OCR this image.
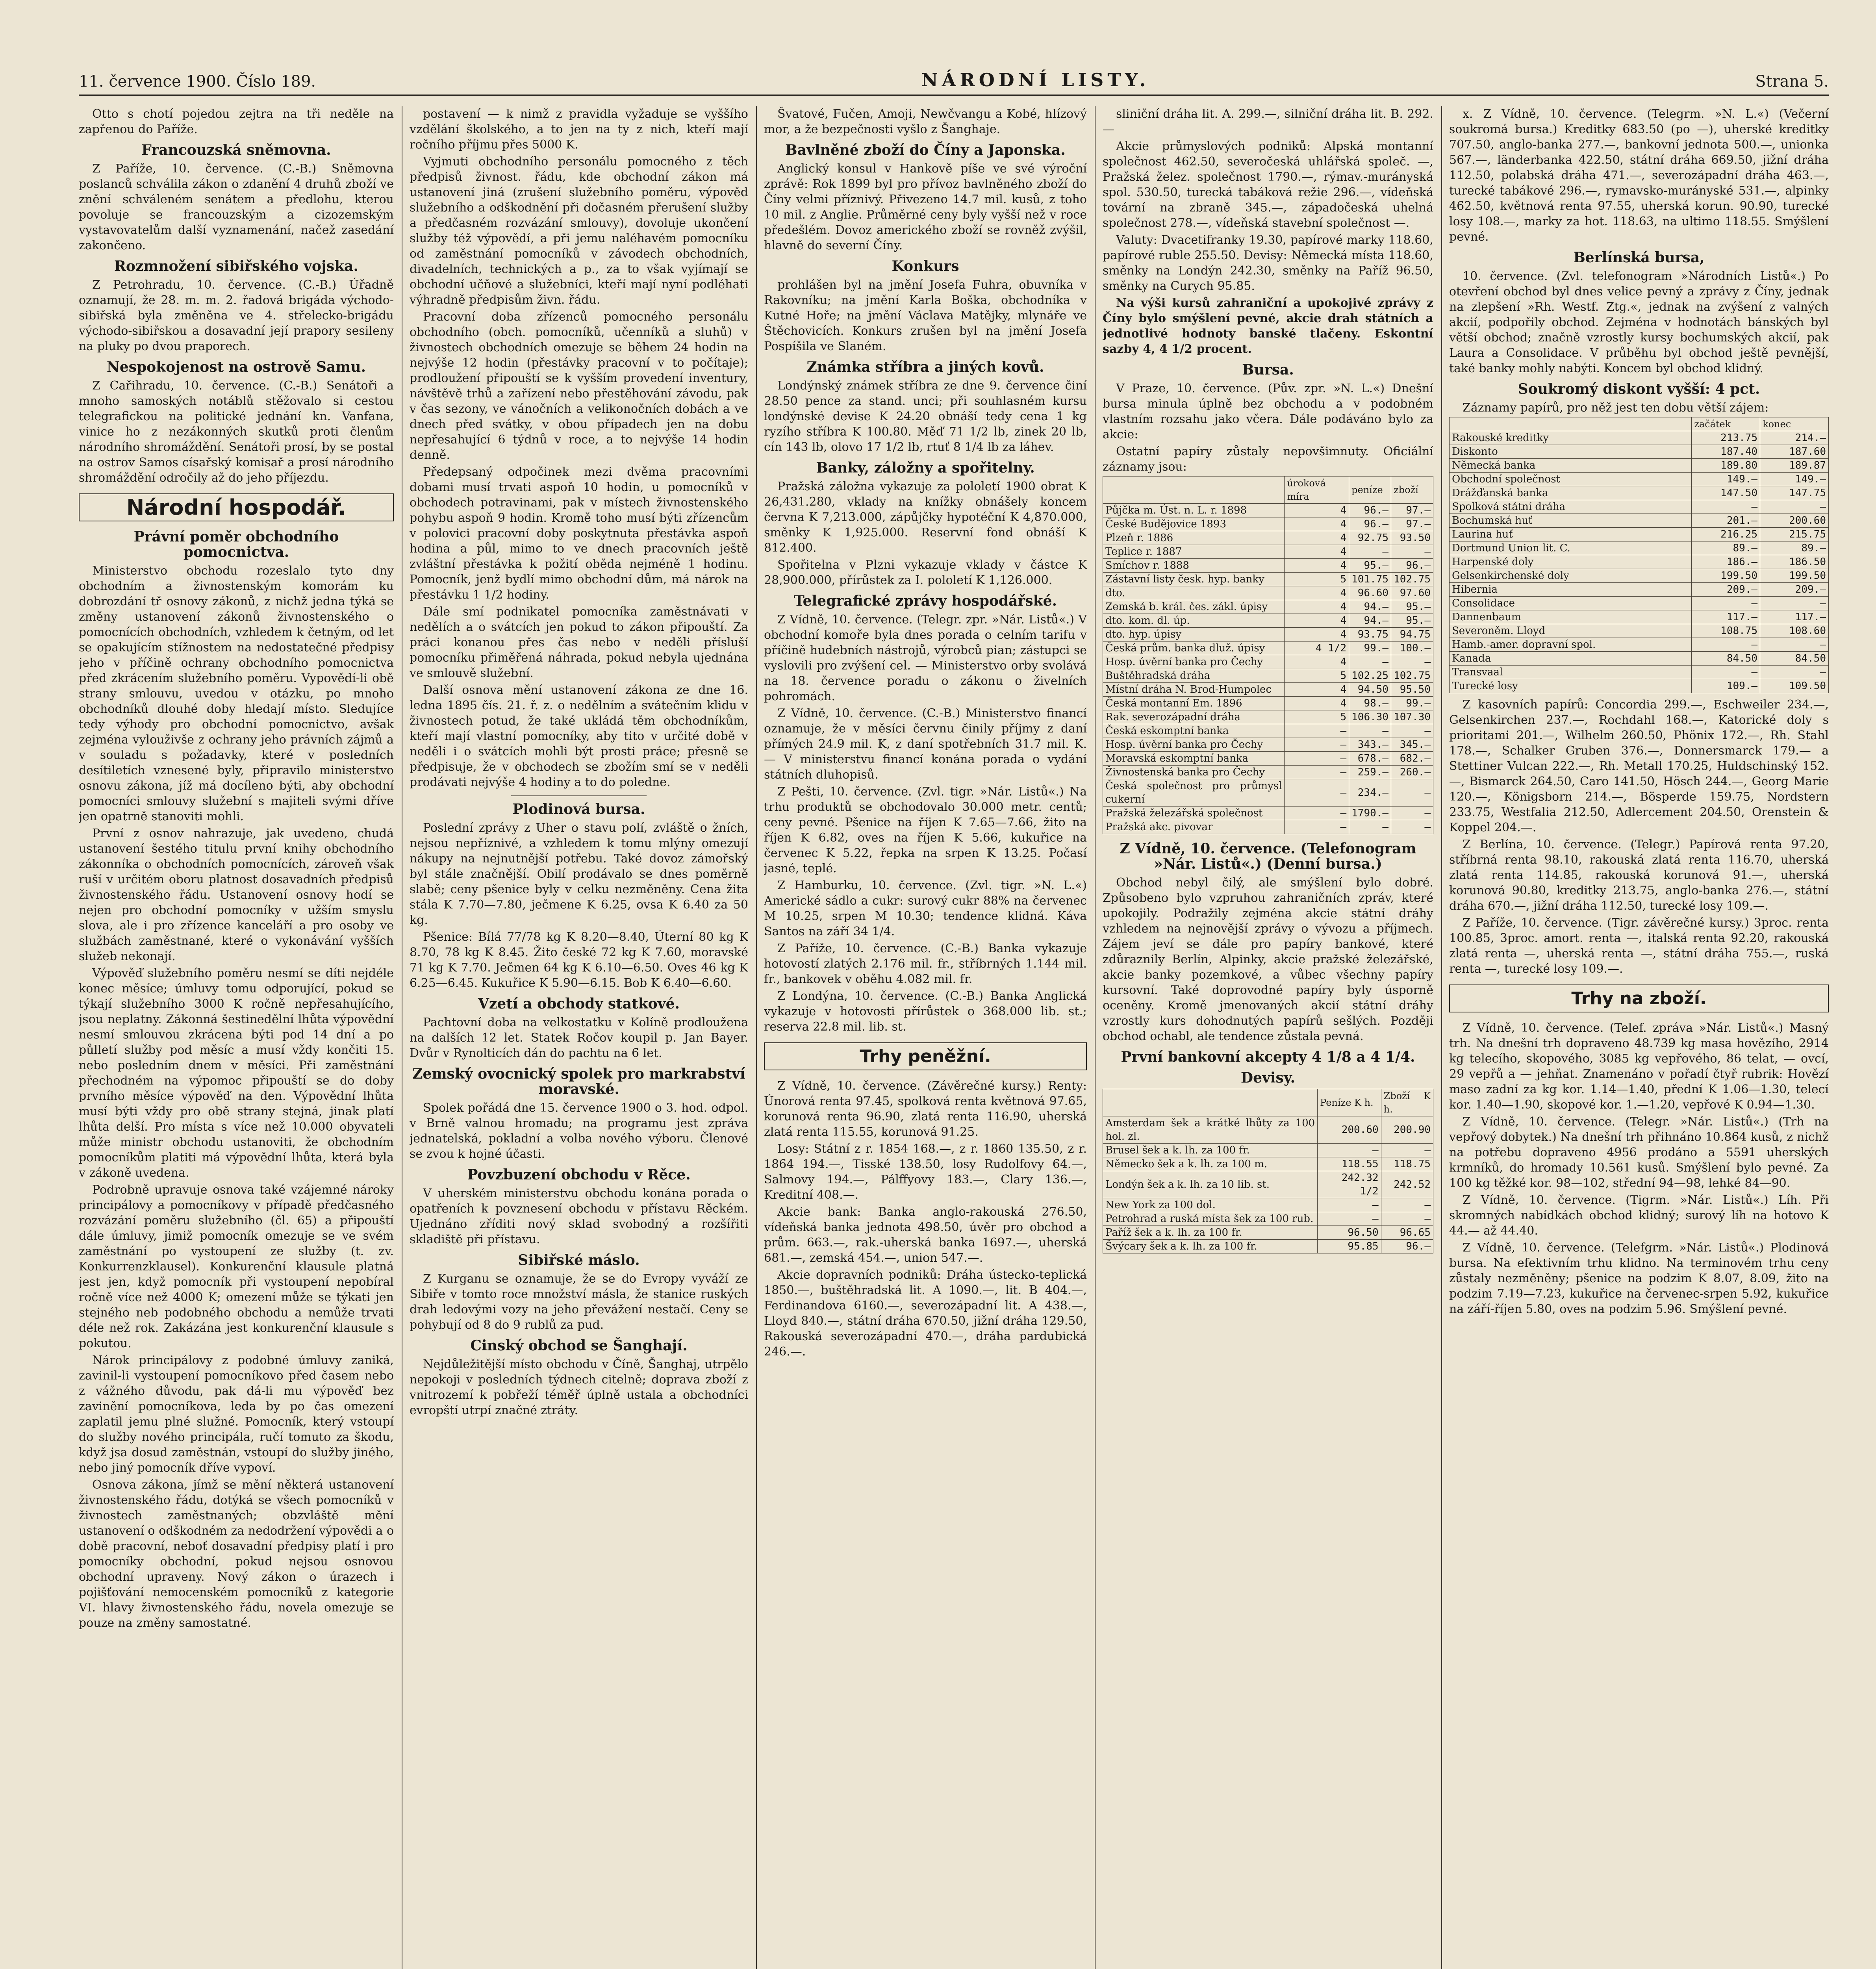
11. července 1900. Číslo 189.	NÁRODNÍ LISTY.	Strana 5.

Otto s chotí pojedou zejtra na tři neděle na zapřenou do Paříže.

Francouzská sněmovna.

Z Paříže, 10. července. (C.-B.) Sněmovna poslanců schválila zákon o zdanění 4 druhů zboží ve znění schváleném senátem a předlohu, kterou povoluje se francouzským a cizozemským vystavovatelům další vyznamenání, načež zasedání zakončeno.

Rozmnožení sibiřského vojska.

Z Petrohradu, 10. července. (C.-B.) Úřadně oznamují, že 28. m. m. 2. řadová brigáda východo-sibiřská byla změněna ve 4. střelecko-brigádu východo-sibiřskou a dosavadní její prapory sesileny na pluky po dvou praporech.

Nespokojenost na ostrově Samu.

Z Cařihradu, 10. července. (C.-B.) Senátoři a mnoho samoských notáblů stěžovalo si cestou telegrafickou na politické jednání kn. Vanfana, vinice ho z nezákonných skutků proti členům národního shromáždění. Senátoři prosí, by se postal na ostrov Samos císařský komisař a prosí národního shromáždění odročily až do jeho příjezdu.

Národní hospodář.
Právní poměr obchodního pomocnictva.

Ministerstvo obchodu rozeslalo tyto dny obchodním a živnostenským komorám ku dobrozdání tř osnovy zákonů, z nichž jedna týká se změny ustanovení zákonů živnostenského o pomocnících obchodních, vzhledem k četným, od let se opakujícím stížnostem na nedostatečné předpisy jeho v příčině ochrany obchodního pomocnictva před zkrácením služebního poměru. Vypovědí-li obě strany smlouvu, uvedou v otázku, po mnoho obchodníků dlouhé doby hledají místo. Sledujíce tedy výhody pro obchodní pomocnictvo, avšak zejména vylouživše z ochrany jeho právních zájmů a v souladu s požadavky, které v posledních desítiletích vznesené byly, připravilo ministerstvo osnovu zákona, jíž má docíleno býti, aby obchodní pomocníci smlouvy služební s majiteli svými dříve jen opatrně stanoviti mohli.

První z osnov nahrazuje, jak uvedeno, chudá ustanovení šestého titulu první knihy obchodního zákonníka o obchodních pomocnících, zároveň však ruší v určitém oboru platnost dosavadních předpisů živnostenského řádu. Ustanovení osnovy hodí se nejen pro obchodní pomocníky v užším smyslu slova, ale i pro zřízence kanceláří a pro osoby ve službách zaměstnané, které o vykonávání vyšších služeb nekonají.

Výpověď služebního poměru nesmí se díti nejdéle konec měsíce; úmluvy tomu odporující, pokud se týkají služebního 3000 K ročně nepřesahujícího, jsou neplatny. Zákonná šestinedělní lhůta výpovědní nesmí smlouvou zkrácena býti pod 14 dní a po půlletí služby pod měsíc a musí vždy končiti 15. nebo posledním dnem v měsíci. Při zaměstnání přechodném na výpomoc připouští se do doby prvního měsíce výpověď na den. Výpovědní lhůta musí býti vždy pro obě strany stejná, jinak platí lhůta delší. Pro místa s více než 10.000 obyvateli může ministr obchodu ustanoviti, že obchodním pomocníkům platiti má výpovědní lhůta, která byla v zákoně uvedena.

Podrobně upravuje osnova také vzájemné nároky principálovy a pomocníkovy v případě předčasného rozvázání poměru služebního (čl. 65) a připouští dále úmluvy, jimiž pomocník omezuje se ve svém zaměstnání po vystoupení ze služby (t. zv. Konkurrenzklausel). Konkurenční klausule platná jest jen, když pomocník při vystoupení nepobíral ročně více než 4000 K; omezení může se týkati jen stejného neb podobného obchodu a nemůže trvati déle než rok. Zakázána jest konkurenční klausule s pokutou.

Nárok principálovy z podobné úmluvy zaniká, zavinil-li vystoupení pomocníkovo před časem nebo z vážného důvodu, pak dá-li mu výpověď bez zavinění pomocníkova, leda by po čas omezení zaplatil jemu plné služné. Pomocník, který vstoupí do služby nového principála, ručí tomuto za škodu, když jsa dosud zaměstnán, vstoupí do služby jiného, nebo jiný pomocník dříve vypoví.

Osnova zákona, jímž se mění některá ustanovení živnostenského řádu, dotýká se všech pomocníků v živnostech zaměstnaných; obzvláště mění ustanovení o odškodném za nedodržení výpovědi a o době pracovní, neboť dosavadní předpisy platí i pro pomocníky obchodní, pokud nejsou osnovou obchodní upraveny. Nový zákon o úrazech i pojišťování nemocenském pomocníků z kategorie VI. hlavy živnostenského řádu, novela omezuje se pouze na změny samostatné.

postavení — k nimž z pravidla vyžaduje se vyššího vzdělání školského, a to jen na ty z nich, kteří mají ročního příjmu přes 5000 K.

Vyjmuti obchodního personálu pomocného z těch předpisů živnost. řádu, kde obchodní zákon má ustanovení jiná (zrušení služebního poměru, výpověď služebního a odškodnění při dočasném přerušení služby a předčasném rozvázání smlouvy), dovoluje ukončení služby též výpovědí, a při jemu naléhavém pomocníku od zaměstnání pomocníků v závodech obchodních, divadelních, technických a p., za to však vyjímají se obchodní učňové a služebníci, kteří mají nyní podléhati výhradně předpisům živn. řádu.

Pracovní doba zřízenců pomocného personálu obchodního (obch. pomocníků, učenníků a sluhů) v živnostech obchodních omezuje se během 24 hodin na nejvýše 12 hodin (přestávky pracovní v to počítaje); prodloužení připouští se k vyšším provedení inventury, návštěvě trhů a zařízení nebo přestěhování závodu, pak v čas sezony, ve vánočních a velikonočních dobách a ve dnech před svátky, v obou případech jen na dobu nepřesahující 6 týdnů v roce, a to nejvýše 14 hodin denně.

Předepsaný odpočinek mezi dvěma pracovními dobami musí trvati aspoň 10 hodin, u pomocníků v obchodech potravinami, pak v místech živnostenského pohybu aspoň 9 hodin. Kromě toho musí býti zřízencům v polovici pracovní doby poskytnuta přestávka aspoň hodina a půl, mimo to ve dnech pracovních ještě zvláštní přestávka k požití oběda nejméně 1 hodinu. Pomocník, jenž bydlí mimo obchodní dům, má nárok na přestávku 1 1/2 hodiny.

Dále smí podnikatel pomocníka zaměstnávati v nedělích a o svátcích jen pokud to zákon připouští. Za práci konanou přes čas nebo v neděli přísluší pomocníku přiměřená náhrada, pokud nebyla ujednána ve smlouvě služební.

Další osnova mění ustanovení zákona ze dne 16. ledna 1895 čís. 21. ř. z. o nedělním a svátečním klidu v živnostech potud, že také ukládá těm obchodníkům, kteří mají vlastní pomocníky, aby tito v určité době v neděli i o svátcích mohli být prosti práce; přesně se předpisuje, že v obchodech se zbožím smí se v neděli prodávati nejvýše 4 hodiny a to do poledne.

Plodinová bursa.

Poslední zprávy z Uher o stavu polí, zvláště o žních, nejsou nepříznivé, a vzhledem k tomu mlýny omezují nákupy na nejnutnější potřebu. Také dovoz zámořský byl stále značnější. Obilí prodávalo se dnes poměrně slabě; ceny pšenice byly v celku nezměněny. Cena žita stála K 7.70—7.80, ječmene K 6.25, ovsa K 6.40 za 50 kg.

Pšenice: Bílá 77/78 kg K 8.20—8.40, Úterní 80 kg K 8.70, 78 kg K 8.45. Žito české 72 kg K 7.60, moravské 71 kg K 7.70. Ječmen 64 kg K 6.10—6.50. Oves 46 kg K 6.25—6.45. Kukuřice K 5.90—6.15. Bob K 6.40—6.60.

Vzetí a obchody statkové.

Pachtovní doba na velkostatku v Kolíně prodloužena na dalších 12 let. Statek Ročov koupil p. Jan Bayer. Dvůr v Rynolticích dán do pachtu na 6 let.

Zemský ovocnický spolek pro markrabství moravské.

Spolek pořádá dne 15. července 1900 o 3. hod. odpol. v Brně valnou hromadu; na programu jest zpráva jednatelská, pokladní a volba nového výboru. Členové se zvou k hojné účasti.

Povzbuzení obchodu v Rěce.

V uherském ministerstvu obchodu konána porada o opatřeních k povznesení obchodu v přístavu Rěckém. Ujednáno zříditi nový sklad svobodný a rozšířiti skladiště při přístavu.

Sibiřské máslo.

Z Kurganu se oznamuje, že se do Evropy vyváží ze Sibiře v tomto roce množství másla, že stanice ruských drah ledovými vozy na jeho převážení nestačí. Ceny se pohybují od 8 do 9 rublů za pud.

Cinský obchod se Šanghají.

Nejdůležitější místo obchodu v Číně, Šanghaj, utrpělo nepokoji v posledních týdnech citelně; doprava zboží z vnitrozemí k pobřeží téměř úplně ustala a obchodníci evropští utrpí značné ztráty.

Švatové, Fučen, Amoji, Newčvangu a Kobé, hlízový mor, a že bezpečnosti vyšlo z Šanghaje.

Bavlněné zboží do Číny a Japonska.

Anglický konsul v Hankově píše ve své výroční zprávě: Rok 1899 byl pro přívoz bavlněného zboží do Číny velmi příznivý. Přivezeno 14.7 mil. kusů, z toho 10 mil. z Anglie. Průměrné ceny byly vyšší než v roce předešlém. Dovoz amerického zboží se rovněž zvýšil, hlavně do severní Číny.

Konkurs

prohlášen byl na jmění Josefa Fuhra, obuvníka v Rakovníku; na jmění Karla Boška, obchodníka v Kutné Hoře; na jmění Václava Matějky, mlynáře ve Štěchovicích. Konkurs zrušen byl na jmění Josefa Pospíšila ve Slaném.

Známka stříbra a jiných kovů.

Londýnský známek stříbra ze dne 9. července činí 28.50 pence za stand. unci; při souhlasném kursu londýnské devise K 24.20 obnáší tedy cena 1 kg ryzího stříbra K 100.80. Měď 71 1/2 lb, zinek 20 lb, cín 143 lb, olovo 17 1/2 lb, rtuť 8 1/4 lb za láhev.

Banky, záložny a spořitelny.

Pražská záložna vykazuje za pololetí 1900 obrat K 26,431.280, vklady na knížky obnášely koncem června K 7,213.000, zápůjčky hypotéční K 4,870.000, směnky K 1,925.000. Reservní fond obnáší K 812.400.

Spořitelna v Plzni vykazuje vklady v částce K 28,900.000, přírůstek za I. pololetí K 1,126.000.

Telegrafické zprávy hospodářské.

Z Vídně, 10. července. (Telegr. zpr. »Nár. Listů«.) V obchodní komoře byla dnes porada o celním tarifu v příčině hudebních nástrojů, výrobců pian; zástupci se vyslovili pro zvýšení cel. — Ministerstvo orby svolává na 18. července poradu o zákonu o živelních pohromách.

Z Vídně, 10. července. (C.-B.) Ministerstvo financí oznamuje, že v měsíci červnu činily příjmy z daní přímých 24.9 mil. K, z daní spotřebních 31.7 mil. K. — V ministerstvu financí konána porada o vydání státních dluhopisů.

Z Pešti, 10. července. (Zvl. tigr. »Nár. Listů«.) Na trhu produktů se obchodovalo 30.000 metr. centů; ceny pevné. Pšenice na říjen K 7.65—7.66, žito na říjen K 6.82, oves na říjen K 5.66, kukuřice na červenec K 5.22, řepka na srpen K 13.25. Počasí jasné, teplé.

Z Hamburku, 10. července. (Zvl. tigr. »N. L.«) Americké sádlo a cukr: surový cukr 88% na červenec M 10.25, srpen M 10.30; tendence klidná. Káva Santos na září 34 1/4.

Z Paříže, 10. července. (C.-B.) Banka vykazuje hotovostí zlatých 2.176 mil. fr., stříbrných 1.144 mil. fr., bankovek v oběhu 4.082 mil. fr.

Z Londýna, 10. července. (C.-B.) Banka Anglická vykazuje v hotovosti přírůstek o 368.000 lib. st.; reserva 22.8 mil. lib. st.

Trhy peněžní.

Z Vídně, 10. července. (Závěrečné kursy.) Renty: Únorová renta 97.45, spolková renta květnová 97.65, korunová renta 96.90, zlatá renta 116.90, uherská zlatá renta 115.55, korunová 91.25.

Losy: Státní z r. 1854 168.—, z r. 1860 135.50, z r. 1864 194.—, Tisské 138.50, losy Rudolfovy 64.—, Salmovy 194.—, Pálffyovy 183.—, Clary 136.—, Kreditní 408.—.

Akcie bank: Banka anglo-rakouská 276.50, vídeňská banka jednota 498.50, úvěr pro obchod a prům. 663.—, rak.-uherská banka 1697.—, uherská 681.—, zemská 454.—, union 547.—.

Akcie dopravních podniků: Dráha ústecko-teplická 1850.—, buštěhradská lit. A 1090.—, lit. B 404.—, Ferdinandova 6160.—, severozápadní lit. A 438.—, Lloyd 840.—, státní dráha 670.50, jižní dráha 129.50, Rakouská severozápadní 470.—, dráha pardubická 246.—.

sliniční dráha lit. A. 299.—, silniční dráha lit. B. 292.—

Akcie průmyslových podniků: Alpská montanní společnost 462.50, severočeská uhlářská společ. —, Pražská želez. společnost 1790.—, rýmav.-murányská spol. 530.50, turecká tabáková režie 296.—, vídeňská tovární na zbraně 345.—, západočeská uhelná společnost 278.—, vídeňská stavební společnost —.

Valuty: Dvacetifranky 19.30, papírové marky 118.60, papírové ruble 255.50. Devisy: Německá místa 118.60, směnky na Londýn 242.30, směnky na Paříž 96.50, směnky na Curych 95.85.

Na výši kursů zahraniční a upokojivé zprávy z Číny bylo smýšlení pevné, akcie drah státních a jednotlivé hodnoty banské tlačeny. Eskontní sazby 4, 4 1/2 procent.

Bursa.

V Praze, 10. července. (Pův. zpr. »N. L.«) Dnešní bursa minula úplně bez obchodu a v podobném vlastním rozsahu jako včera. Dále podáváno bylo za akcie:

Ostatní papíry zůstaly nepovšimnuty. Oficiální záznamy jsou:

	úroková míra	peníze	zboží
Půjčka m. Úst. n. L. r. 1898	4	96.—	97.—
České Budějovice 1893	4	96.—	97.—
Plzeň r. 1886	4	92.75	93.50
Teplice r. 1887	4	—	—
Smíchov r. 1888	4	95.—	96.—
Zástavní listy česk. hyp. banky	5	101.75	102.75
dto.	4	96.60	97.60
Zemská b. král. čes. zákl. úpisy	4	94.—	95.—
dto. kom. dl. úp.	4	94.—	95.—
dto. hyp. úpisy	4	93.75	94.75
Česká prům. banka dluž. úpisy	4 1/2	99.—	100.—
Hosp. úvěrní banka pro Čechy	4	—	—
Buštěhradská dráha	5	102.25	102.75
Místní dráha N. Brod-Humpolec	4	94.50	95.50
Česká montanní Em. 1896	4	98.—	99.—
Rak. severozápadní dráha	5	106.30	107.30
Česká eskomptní banka	—	—	—
Hosp. úvěrní banka pro Čechy	—	343.—	345.—
Moravská eskomptní banka	—	678.—	682.—
Živnostenská banka pro Čechy	—	259.—	260.—
Česká společnost pro průmysl cukerní	—	234.—	—
Pražská železářská společnost	—	1790.—	—
Pražská akc. pivovar	—	—	—
Z Vídně, 10. července. (Telefonogram »Nár. Listů«.) (Denní bursa.)

Obchod nebyl čilý, ale smýšlení bylo dobré. Způsobeno bylo vzpruhou zahraničních zpráv, které upokojily. Podražily zejména akcie státní dráhy vzhledem na nejnovější zprávy o vývozu a příjmech. Zájem jeví se dále pro papíry bankové, které zdůraznily Berlín, Alpinky, akcie pražské železářské, akcie banky pozemkové, a vůbec všechny papíry kursovní. Také doprovodné papíry byly úsporně oceněny. Kromě jmenovaných akcií státní dráhy vzrostly kurs dohodnutých papírů sešlých. Později obchod ochabl, ale tendence zůstala pevná.

První bankovní akcepty 4 1/8 a 4 1/4.
Devisy.
	Peníze K h.	Zboží K h.
Amsterdam šek a krátké lhůty za 100 hol. zl.	200.60	200.90
Brusel šek a k. lh. za 100 fr.	—	—
Německo šek a k. lh. za 100 m.	118.55	118.75
Londýn šek a k. lh. za 10 lib. st.	242.32 1/2	242.52
New York za 100 dol.	—	—
Petrohrad a ruská místa šek za 100 rub.	—	—
Paříž šek a k. lh. za 100 fr.	96.50	96.65
Švýcary šek a k. lh. za 100 fr.	95.85	96.—

x. Z Vídně, 10. července. (Telegrm. »N. L.«) (Večerní soukromá bursa.) Kreditky 683.50 (po —), uherské kreditky 707.50, anglo-banka 277.—, bankovní jednota 500.—, unionka 567.—, länderbanka 422.50, státní dráha 669.50, jižní dráha 112.50, polabská dráha 471.—, severozápadní dráha 463.—, turecké tabákové 296.—, rymavsko-murányské 531.—, alpinky 462.50, květnová renta 97.55, uherská korun. 90.90, turecké losy 108.—, marky za hot. 118.63, na ultimo 118.55. Smýšlení pevné.

Berlínská bursa,

10. července. (Zvl. telefonogram »Národních Listů«.) Po otevření obchod byl dnes velice pevný a zprávy z Číny, jednak na zlepšení »Rh. Westf. Ztg.«, jednak na zvýšení z valných akcií, podpořily obchod. Zejména v hodnotách bánských byl větší obchod; značně vzrostly kursy bochumských akcií, pak Laura a Consolidace. V průběhu byl obchod ještě pevnější, také banky mohly nabýti. Koncem byl obchod klidný.

Soukromý diskont vyšší: 4 pct.

Záznamy papírů, pro něž jest ten dobu větší zájem:

	začátek	konec
Rakouské kreditky	213.75	214.—
Diskonto	187.40	187.60
Německá banka	189.80	189.87
Obchodní společnost	149.—	149.—
Drážďanská banka	147.50	147.75
Spolková státní dráha	—	—
Bochumská huť	201.—	200.60
Laurina huť	216.25	215.75
Dortmund Union lit. C.	89.—	89.—
Harpenské doly	186.—	186.50
Gelsenkirchenské doly	199.50	199.50
Hibernia	209.—	209.—
Consolidace	—	—
Dannenbaum	117.—	117.—
Severoněm. Lloyd	108.75	108.60
Hamb.-amer. dopravní spol.	—	—
Kanada	84.50	84.50
Transvaal	—	—
Turecké losy	109.—	109.50

Z kasovních papírů: Concordia 299.—, Eschweiler 234.—, Gelsenkirchen 237.—, Rochdahl 168.—, Katorické doly s prioritami 201.—, Wilhelm 260.50, Phönix 172.—, Rh. Stahl 178.—, Schalker Gruben 376.—, Donnersmarck 179.— a Stettiner Vulcan 222.—, Rh. Metall 170.25, Huldschinský 152.—, Bismarck 264.50, Caro 141.50, Hösch 244.—, Georg Marie 120.—, Königsborn 214.—, Bösperde 159.75, Nordstern 233.75, Westfalia 212.50, Adlercement 204.50, Orenstein & Koppel 204.—.

Z Berlína, 10. července. (Telegr.) Papírová renta 97.20, stříbrná renta 98.10, rakouská zlatá renta 116.70, uherská zlatá renta 114.85, rakouská korunová 91.—, uherská korunová 90.80, kreditky 213.75, anglo-banka 276.—, státní dráha 670.—, jižní dráha 112.50, turecké losy 109.—.

Z Paříže, 10. července. (Tigr. závěrečné kursy.) 3proc. renta 100.85, 3proc. amort. renta —, italská renta 92.20, rakouská zlatá renta —, uherská renta —, státní dráha 755.—, ruská renta —, turecké losy 109.—.

Trhy na zboží.

Z Vídně, 10. července. (Telef. zpráva »Nár. Listů«.) Masný trh. Na dnešní trh dopraveno 48.739 kg masa hovězího, 2914 kg telecího, skopového, 3085 kg vepřového, 86 telat, — ovcí, 29 vepřů a — jehňat. Znamenáno v pořadí čtyř rubrik: Hovězí maso zadní za kg kor. 1.14—1.40, přední K 1.06—1.30, telecí kor. 1.40—1.90, skopové kor. 1.—1.20, vepřové K 0.94—1.30.

Z Vídně, 10. července. (Telegr. »Nár. Listů«.) (Trh na vepřový dobytek.) Na dnešní trh přihnáno 10.864 kusů, z nichž na potřebu dopraveno 4956 prodáno a 5591 uherských krmníků, do hromady 10.561 kusů. Smýšlení bylo pevné. Za 100 kg těžké kor. 98—102, střední 94—98, lehké 84—90.

Z Vídně, 10. července. (Tigrm. »Nár. Listů«.) Líh. Při skromných nabídkách obchod klidný; surový líh na hotovo K 44.— až 44.40.

Z Vídně, 10. července. (Telefgrm. »Nár. Listů«.) Plodinová bursa. Na efektivním trhu klidno. Na terminovém trhu ceny zůstaly nezměněny; pšenice na podzim K 8.07, 8.09, žito na podzim 7.19—7.23, kukuřice na červenec-srpen 5.92, kukuřice na září-říjen 5.80, oves na podzim 5.96. Smýšlení pevné.
